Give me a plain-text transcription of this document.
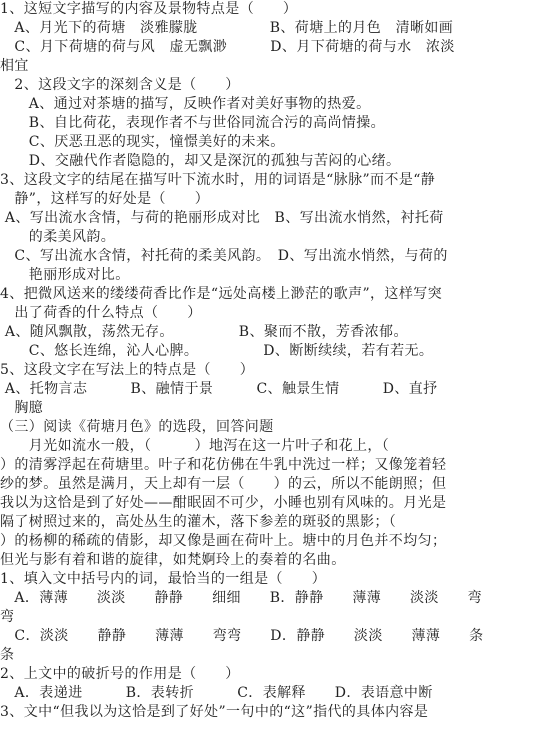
1、这短文字描写的内容及景物特点是（　　）
　A、月光下的荷塘　淡雅朦胧　　　　　B、荷塘上的月色　清晰如画
　C、月下荷塘的荷与风　虚无飘渺　　　D、月下荷塘的荷与水　浓淡
相宜
　2、这段文字的深刻含义是（　　）
　　A、通过对茶塘的描写，反映作者对美好事物的热爱。
　　B、自比荷花，表现作者不与世俗同流合污的高尚情操。
　　C、厌恶丑恶的现实，憧憬美好的未来。
　　D、交融代作者隐隐的，却又是深沉的孤独与苦闷的心绪。
3、这段文字的结尾在描写叶下流水时，用的词语是“脉脉”而不是“静
　静”，这样写的好处是（　　）
A、写出流水含情，与荷的艳丽形成对比　B、写出流水悄然，衬托荷
　　的柔美风韵。
　C、写出流水含情，衬托荷的柔美风韵。　D、写出流水悄然，与荷的
　　艳丽形成对比。
4、把微风送来的缕缕荷香比作是“远处高楼上渺茫的歌声”，这样写突
　出了荷香的什么特点（　　）
A、随风飘散，荡然无存。　　　　　B、聚而不散，芳香浓郁。
　　C、悠长连绵，沁人心脾。　　　　　D、断断续续，若有若无。
5、这段文字在写法上的特点是（　　）
A、托物言志　　　B、融情于景　　　C、触景生情　　　D、直抒
　胸臆
（三）阅读《荷塘月色》的选段，回答问题
　　月光如流水一般，（　　　）地泻在这一片叶子和花上，（
）的清雾浮起在荷塘里。叶子和花仿佛在牛乳中洗过一样；又像笼着轻
纱的梦。虽然是满月，天上却有一层（　　）的云，所以不能朗照；但
我以为这恰是到了好处——酣眠固不可少，小睡也别有风味的。月光是
隔了树照过来的，高处丛生的灌木，落下参差的斑驳的黑影；（
）的杨柳的稀疏的倩影，却又像是画在荷叶上。塘中的月色并不均匀；
但光与影有着和谐的旋律，如梵婀玲上的奏着的名曲。
1、填入文中括号内的词，最恰当的一组是（　　）
　A．薄薄　　淡淡　　静静　　细细　　B．静静　　薄薄　　淡淡　　弯
弯
　C．淡淡　　静静　　薄薄　　弯弯　　D．静静　　淡淡　　薄薄　　条
条
2、上文中的破折号的作用是（　　）
　A．表递进　　　B．表转折　　　C．表解释　　D．表语意中断
3、文中“但我以为这恰是到了好处”一句中的“这”指代的具体内容是
